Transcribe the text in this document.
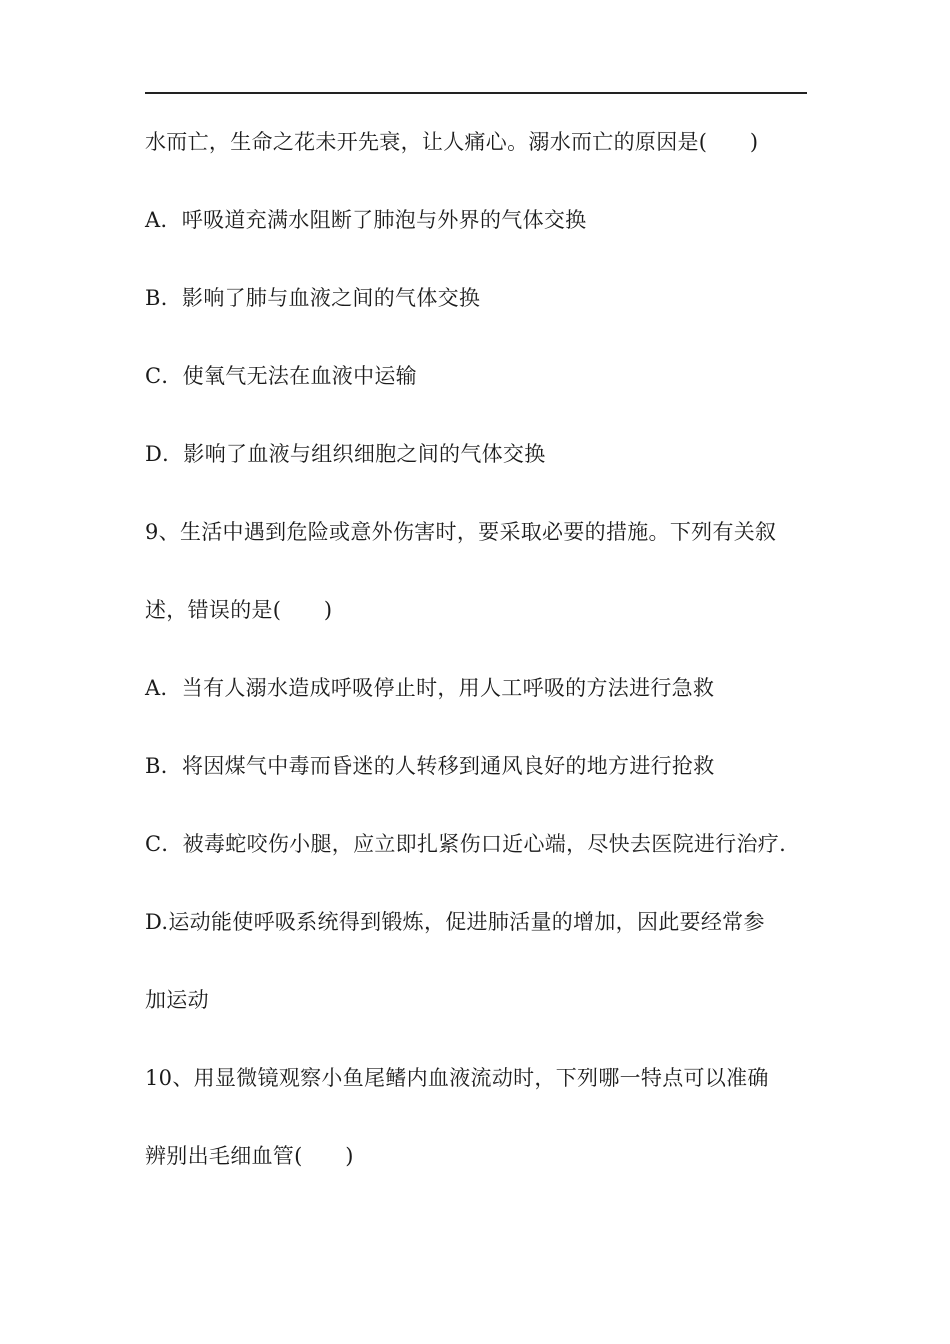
水而亡，生命之花未开先衰，让人痛心。溺水而亡的原因是(　　)
A．呼吸道充满水阻断了肺泡与外界的气体交换
B．影响了肺与血液之间的气体交换
C．使氧气无法在血液中运输
D．影响了血液与组织细胞之间的气体交换
9、生活中遇到危险或意外伤害时，要采取必要的措施。下列有关叙
述，错误的是(　　)
A．当有人溺水造成呼吸停止时，用人工呼吸的方法进行急救
B．将因煤气中毒而昏迷的人转移到通风良好的地方进行抢救
C．被毒蛇咬伤小腿，应立即扎紧伤口近心端，尽快去医院进行治疗.
D.运动能使呼吸系统得到锻炼，促进肺活量的增加，因此要经常参
加运动
10、用显微镜观察小鱼尾鳍内血液流动时，下列哪一特点可以准确
辨别出毛细血管(　　)
